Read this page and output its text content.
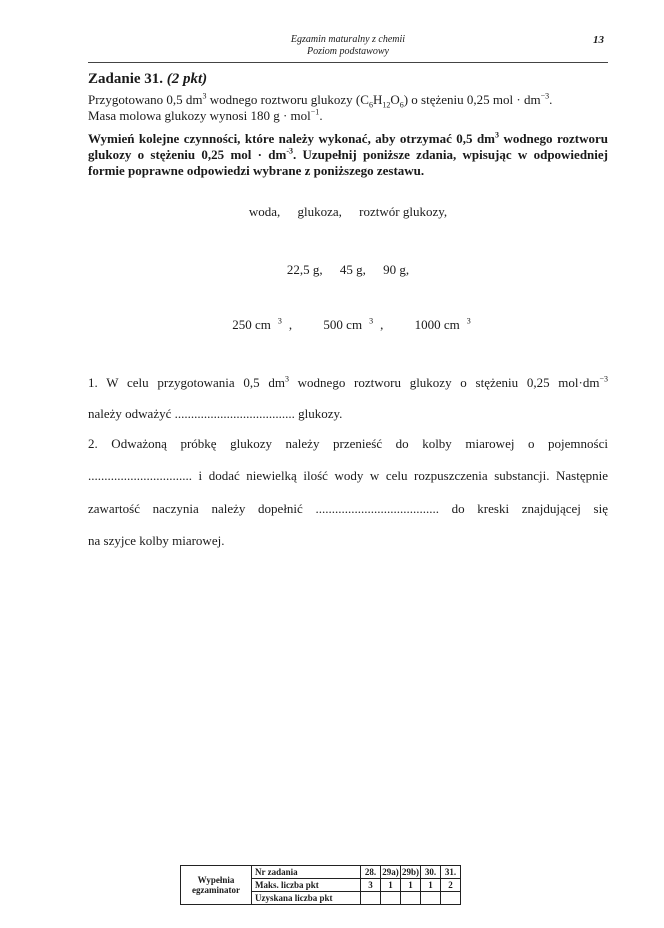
Egzamin maturalny z chemii
Poziom podstawowy
13
Zadanie 31. (2 pkt)
Przygotowano 0,5 $dm^3$ wodnego roztworu glukozy $(C_6H_{12}O_6)$ o stężeniu 0,25 mol · $dm^{-3}$.
Masa molowa glukozy wynosi 180 g · mol$^{-1}$.
Wymień kolejne czynności, które należy wykonać, aby otrzymać 0,5 $dm^3$ wodnego roztworu glukozy o stężeniu 0,25 mol · $dm^{-3}$. Uzupełnij poniższe zdania, wpisując w odpowiedniej formie poprawne odpowiedzi wybrane z poniższego zestawu.
woda, glukoza, roztwór glukozy,
22,5 g, 45 g, 90 g,
250 cm $^3$ , 500 cm $^3$ , 1000 cm $^3$
1. W celu przygotowania 0,5 $dm^3$ wodnego roztworu glukozy o stężeniu 0,25 $mol\cdot dm^{-3}$
należy odważyć ..................................... glukozy.
2. Odważoną próbkę glukozy należy przenieść do kolby miarowej o pojemności
................................ i dodać niewielką ilość wody w celu rozpuszczenia substancji. Następnie
zawartość naczynia należy dopełnić ...................................... do kreski znajdującej się
na szyjce kolby miarowej.
Wypełnia egzaminator	Nr zadania	28.	29a)	29b)	30.	31.
	Maks. liczba pkt	3	1	1	1	2
	Uzyskana liczba pkt					
